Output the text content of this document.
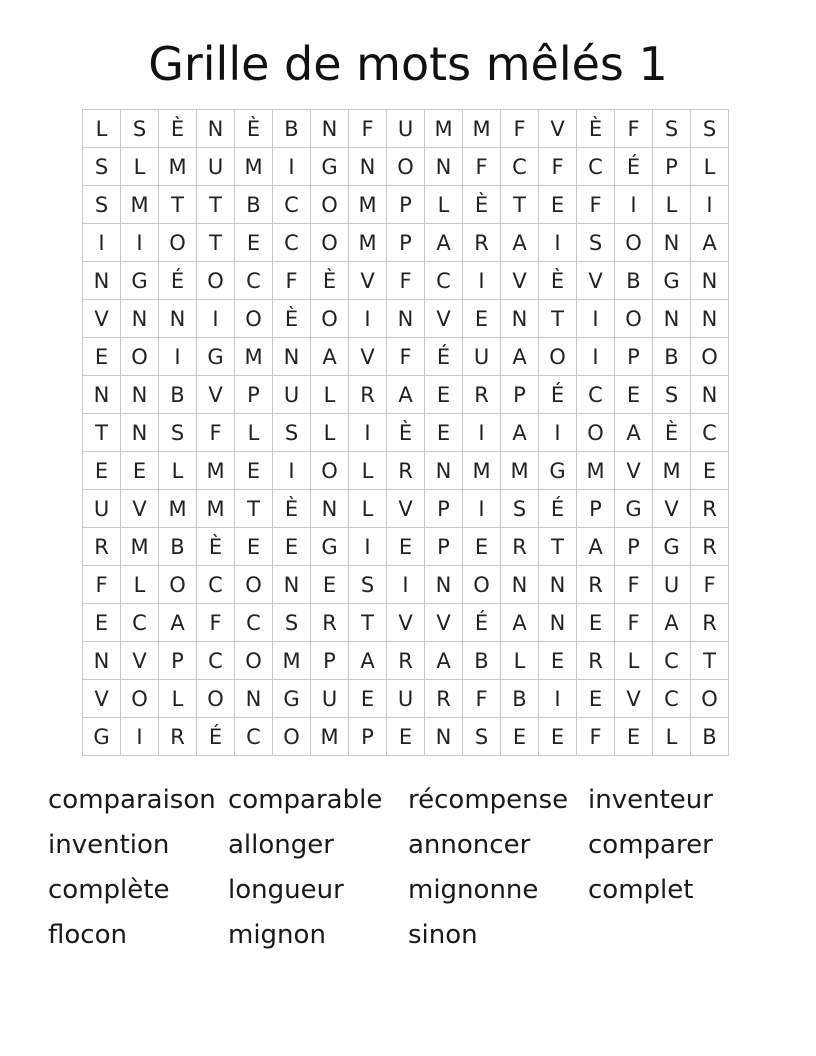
Grille de mots mêlés 1
L	S	È	N	È	B	N	F	U	M	M	F	V	È	F	S	S
S	L	M	U	M	I	G	N	O	N	F	C	F	C	É	P	L
S	M	T	T	B	C	O	M	P	L	È	T	E	F	I	L	I
I	I	O	T	E	C	O	M	P	A	R	A	I	S	O	N	A
N	G	É	O	C	F	È	V	F	C	I	V	È	V	B	G	N
V	N	N	I	O	È	O	I	N	V	E	N	T	I	O	N	N
E	O	I	G	M	N	A	V	F	É	U	A	O	I	P	B	O
N	N	B	V	P	U	L	R	A	E	R	P	É	C	E	S	N
T	N	S	F	L	S	L	I	È	E	I	A	I	O	A	È	C
E	E	L	M	E	I	O	L	R	N	M	M	G	M	V	M	E
U	V	M	M	T	È	N	L	V	P	I	S	É	P	G	V	R
R	M	B	È	E	E	G	I	E	P	E	R	T	A	P	G	R
F	L	O	C	O	N	E	S	I	N	O	N	N	R	F	U	F
E	C	A	F	C	S	R	T	V	V	É	A	N	E	F	A	R
N	V	P	C	O	M	P	A	R	A	B	L	E	R	L	C	T
V	O	L	O	N	G	U	E	U	R	F	B	I	E	V	C	O
G	I	R	É	C	O	M	P	E	N	S	E	E	F	E	L	B
comparaison comparable récompense inventeur
invention	allonger	annoncer	comparer
complète	longueur	mignonne	complet
flocon	mignon	sinon
